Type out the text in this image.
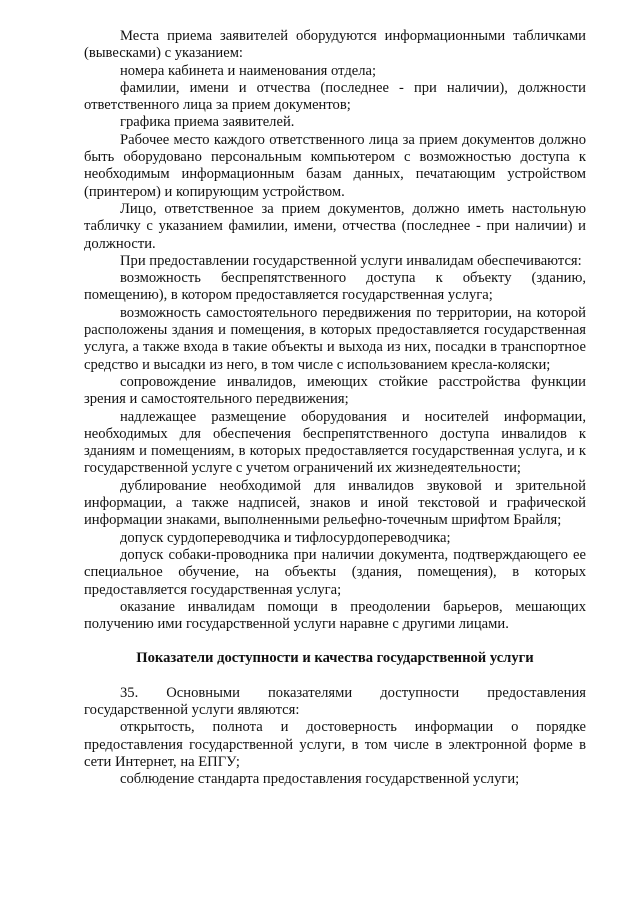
Места приема заявителей оборудуются информационными табличками (вывесками) с указанием:

номера кабинета и наименования отдела;

фамилии, имени и отчества (последнее - при наличии), должности ответственного лица за прием документов;

графика приема заявителей.

Рабочее место каждого ответственного лица за прием документов должно быть оборудовано персональным компьютером с возможностью доступа к необходимым информационным базам данных, печатающим устройством (принтером) и копирующим устройством.

Лицо, ответственное за прием документов, должно иметь настольную табличку с указанием фамилии, имени, отчества (последнее - при наличии) и должности.

При предоставлении государственной услуги инвалидам обеспечиваются:

возможность беспрепятственного доступа к объекту (зданию, помещению), в котором предоставляется государственная услуга;

возможность самостоятельного передвижения по территории, на которой расположены здания и помещения, в которых предоставляется государственная услуга, а также входа в такие объекты и выхода из них, посадки в транспортное средство и высадки из него, в том числе с использованием кресла-коляски;

сопровождение инвалидов, имеющих стойкие расстройства функции зрения и самостоятельного передвижения;

надлежащее размещение оборудования и носителей информации, необходимых для обеспечения беспрепятственного доступа инвалидов к зданиям и помещениям, в которых предоставляется государственная услуга, и к государственной услуге с учетом ограничений их жизнедеятельности;

дублирование необходимой для инвалидов звуковой и зрительной информации, а также надписей, знаков и иной текстовой и графической информации знаками, выполненными рельефно-точечным шрифтом Брайля;

допуск сурдопереводчика и тифлосурдопереводчика;

допуск собаки-проводника при наличии документа, подтверждающего ее специальное обучение, на объекты (здания, помещения), в которых предоставляется государственная услуга;

оказание инвалидам помощи в преодолении барьеров, мешающих получению ими государственной услуги наравне с другими лицами.

Показатели доступности и качества государственной услуги

35. Основными показателями доступности предоставления государственной услуги являются:

открытость, полнота и достоверность информации о порядке предоставления государственной услуги, в том числе в электронной форме в сети Интернет, на ЕПГУ;

соблюдение стандарта предоставления государственной услуги;
